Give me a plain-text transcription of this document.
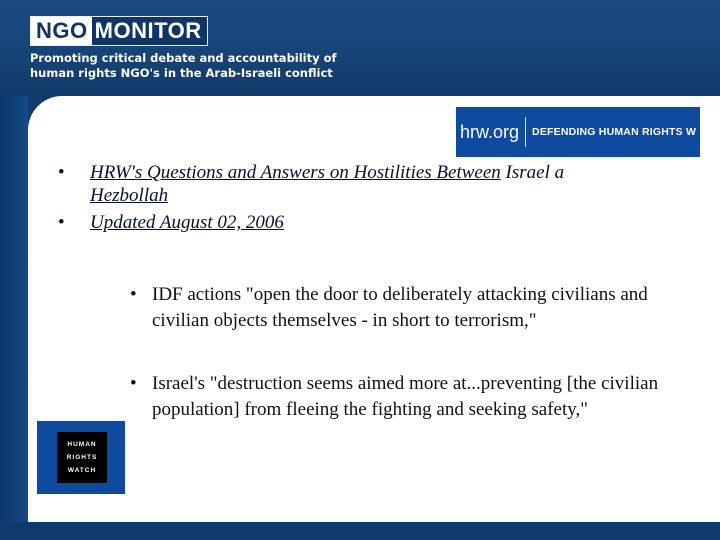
NGO MONITOR
Promoting critical debate and accountability of
human rights NGO's in the Arab-Israeli conflict
hrw.org DEFENDING HUMAN RIGHTS W
• HRW's Questions and Answers on Hostilities Between Israel a
Hezbollah
• Updated August 02, 2006
• IDF actions "open the door to deliberately attacking civilians and civilian objects themselves - in short to terrorism,"
• Israel's "destruction seems aimed more at...preventing [the civilian population] from fleeing the fighting and seeking safety,"
HUMAN
RIGHTS
WATCH
